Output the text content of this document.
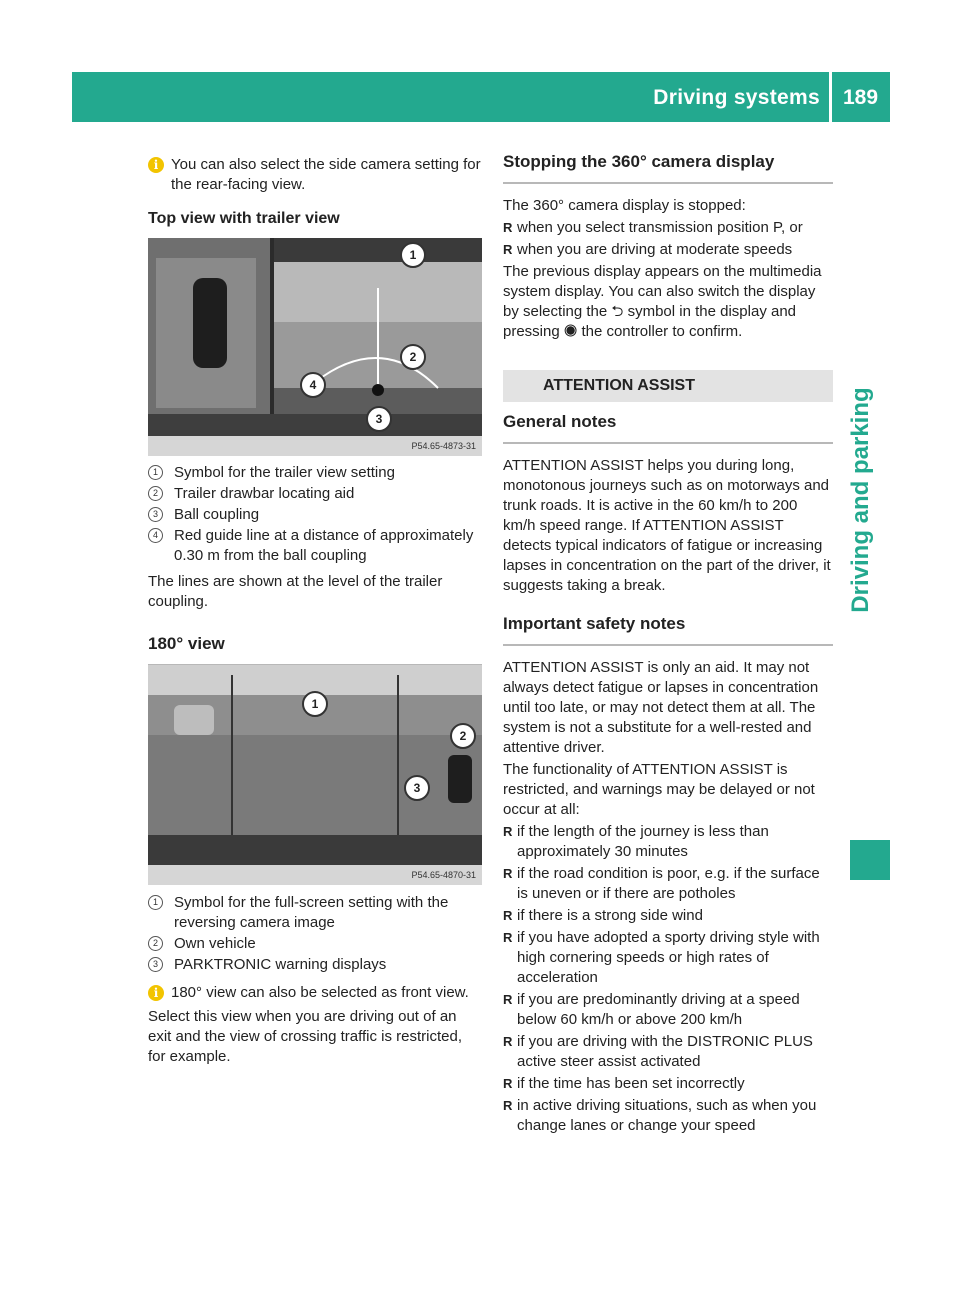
Driving systems 189
Driving and parking

i You can also select the side camera setting for the rear-facing view.

Top view with trailer view

1
2
3
4
P54.65-4873-31

1	Symbol for the trailer view setting

2	Trailer drawbar locating aid

3	Ball coupling

4	Red guide line at a distance of approximately 0.30 m from the ball coupling

The lines are shown at the level of the trailer coupling.

180° view

1
2
3
P54.65-4870-31

1	Symbol for the full-screen setting with the reversing camera image

2	Own vehicle

3	PARKTRONIC warning displays

i 180° view can also be selected as front view.

Select this view when you are driving out of an exit and the view of crossing traffic is restricted, for example.

Stopping the 360° camera display

The 360° camera display is stopped:

R when you select transmission position P, or

R when you are driving at moderate speeds

The previous display appears on the multimedia system display. You can also switch the display by selecting the ⮌ symbol in the display and pressing ◉ the controller to confirm.

ATTENTION ASSIST

General notes

ATTENTION ASSIST helps you during long, monotonous journeys such as on motorways and trunk roads. It is active in the 60 km/h to 200 km/h speed range. If ATTENTION ASSIST detects typical indicators of fatigue or increasing lapses in concentration on the part of the driver, it suggests taking a break.

Important safety notes

ATTENTION ASSIST is only an aid. It may not always detect fatigue or lapses in concentration until too late, or may not detect them at all. The system is not a substitute for a well-rested and attentive driver.

The functionality of ATTENTION ASSIST is restricted, and warnings may be delayed or not occur at all:

R if the length of the journey is less than approximately 30 minutes

R if the road condition is poor, e.g. if the surface is uneven or if there are potholes

R if there is a strong side wind

R if you have adopted a sporty driving style with high cornering speeds or high rates of acceleration

R if you are predominantly driving at a speed below 60 km/h or above 200 km/h

R if you are driving with the DISTRONIC PLUS active steer assist activated

R if the time has been set incorrectly

R in active driving situations, such as when you change lanes or change your speed
